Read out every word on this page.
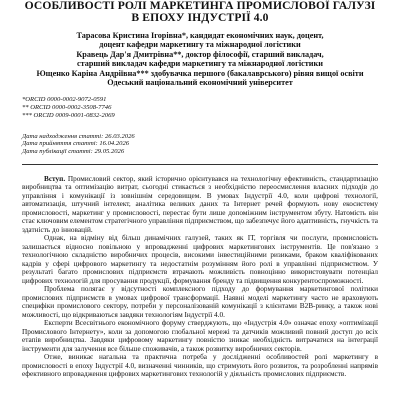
ОСОБЛИВОСТІ РОЛІ МАРКЕТИНГА ПРОМИСЛОВОЇ ГАЛУЗІ
В ЕПОХУ ІНДУСТРІЇ 4.0
Тарасова Кристина Ігорівна*, кандидат економічних наук, доцент,
доцент кафедри маркетингу та міжнародної логістики
Кравець Дар'я Дмитрівна**, доктор філософії, старший викладач,
старший викладач кафедри маркетингу та міжнародної логістики
Ющенко Каріна Андріївна*** здобувачка першого (бакалаврського) рівня вищої освіти
Одеський національний економічний університет
*ORCID 0000-0002-9072-0591
** ORCID 0000-0002-3508-7746
*** ORCID 0009-0001-0832-2069
Дата надходження статті: 26.03.2026
Дата прийняття статті: 16.04.2026
Дата публікації статті: 29.05.2026

Вступ. Промисловий сектор, який історично орієнтувався на технологічну ефективність, стандартизацію виробництва та оптимізацію витрат, сьогодні стикається з необхідністю переосмислення власних підходів до управління і комунікації із зовнішнім середовищем. В умовах Індустрії 4.0, коли цифрові технології, автоматизація, штучний інтелект, аналітика великих даних та Інтернет речей формують нову екосистему промисловості, маркетинг у промисловості, перестає бути лише допоміжним інструментом збуту. Натомість він стає ключовим елементом стратегічного управління підприємством, що забезпечує його адаптивність, гнучкість та здатність до інновацій.

Однак, на відміну від більш динамічних галузей, таких як ІТ, торгівля чи послуги, промисловість залишається відносно повільною у впровадженні цифрових маркетингових інструментів. Це пов'язано з технологічною складністю виробничих процесів, високими інвестиційними ризиками, браком кваліфікованих кадрів у сфері цифрового маркетингу та недостатнім розумінням його ролі в управлінні підприємством. У результаті багато промислових підприємств втрачають можливість повноцінно використовувати потенціал цифрових технологій для просування продукції, формування бренду та підвищення конкурентоспроможності.

Проблема полягає у відсутності комплексного підходу до формування маркетингової політики промислових підприємств в умовах цифрової трансформації. Наявні моделі маркетингу часто не враховують специфіки промислового сектору, потреби у персоналізованій комунікації з клієнтами B2B-ринку, а також нові можливості, що відкриваються завдяки технологіям Індустрії 4.0.

Експерти Всесвітнього економічного форуму стверджують, що «Індустрія 4.0» означає епоху «оптимізації Промислового Інтернету», коли за допомогою глобальної мережі та датчиків можливий повний доступ до всіх етапів виробництва. Завдяки цифровому маркетингу повністю зникає необхідність витрачатися на інтеграції інструменти для залучення все більше споживачів, а також розвитку виробничих секторів.

Отже, виникає нагальна та практична потреба у дослідженні особливостей ролі маркетингу в промисловості в епоху Індустрії 4.0, визначенні чинників, що стримують його розвиток, та розробленні напрямів ефективного впровадження цифрових маркетингових технологій у діяльність промислових підприємств.
